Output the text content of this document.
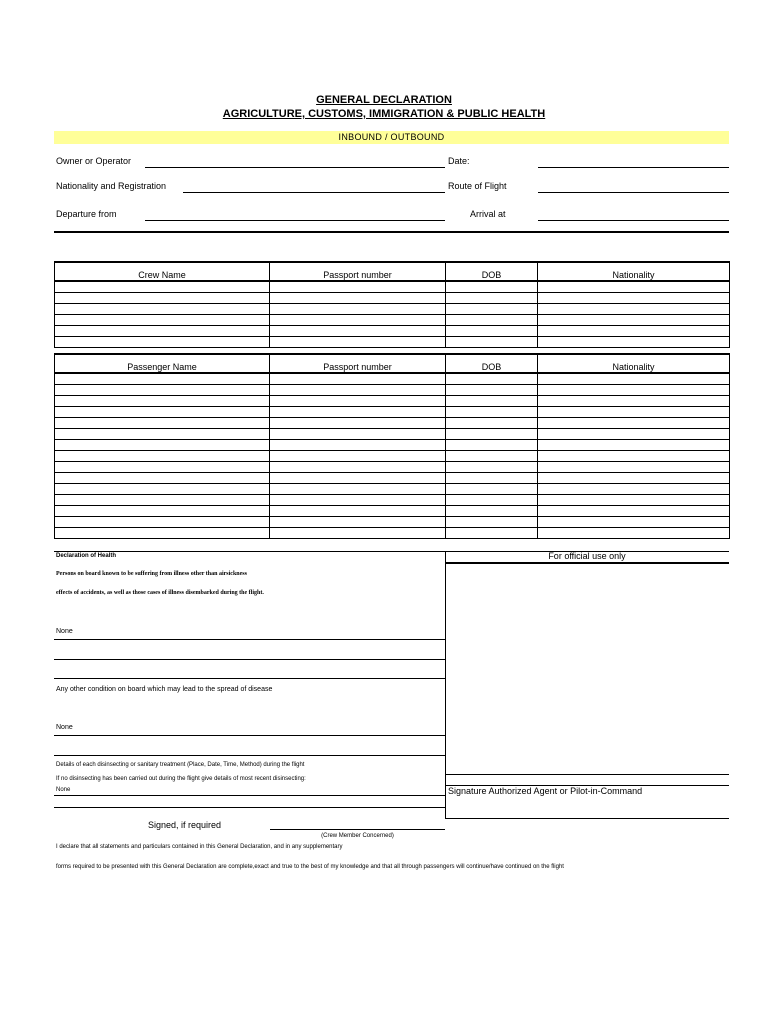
GENERAL DECLARATION
AGRICULTURE, CUSTOMS, IMMIGRATION & PUBLIC HEALTH
INBOUND / OUTBOUND
Owner or Operator	Date:
Nationality and Registration	Route of Flight
Departure from	Arrival at
Crew Name	Passport number	DOB	Nationality

Passenger Name	Passport number	DOB	Nationality

Declaration of Health
Persons on board known to be suffering from illness other than airsickness
effects of accidents, as well as those cases of illness disembarked during the flight.
None
Any other condition on board which may lead to the spread of disease
None
Details of each disinsecting or sanitary treatment (Place, Date, Time, Method) during the flight
If no disinsecting has been carried out during the flight give details of most recent disinsecting:
None
For official use only
Signature Authorized Agent or Pilot-in-Command
Signed, if required
(Crew Member Concerned)
I declare that all statements and particulars contained in this General Declaration, and in any supplementary
forms required to be presented with this General Declaration are complete,exact and true to the best of my knowledge and that all through passengers will continue/have continued on the flight
